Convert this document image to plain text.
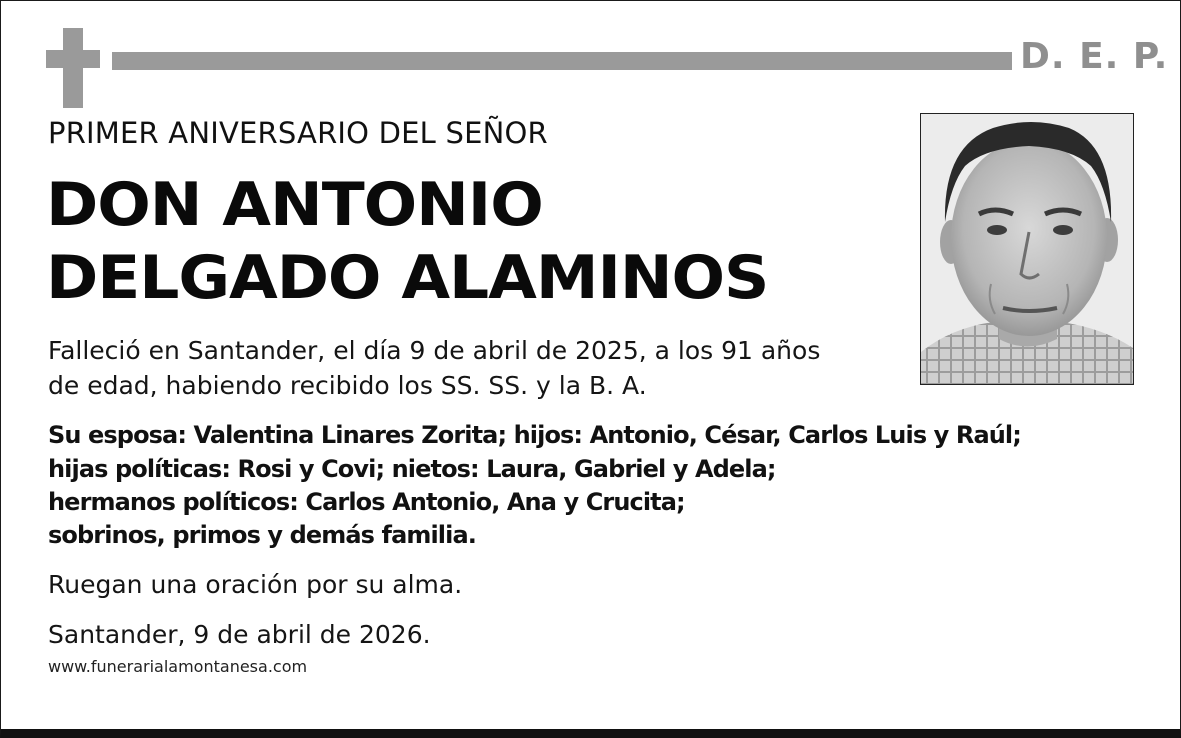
D. E. P.
PRIMER ANIVERSARIO DEL SEÑOR
DON ANTONIO
DELGADO ALAMINOS
Falleció en Santander, el día 9 de abril de 2025, a los 91 años
de edad, habiendo recibido los SS. SS. y la B. A.
Su esposa: Valentina Linares Zorita; hijos: Antonio, César, Carlos Luis y Raúl;
hijas políticas: Rosi y Covi; nietos: Laura, Gabriel y Adela;
hermanos políticos: Carlos Antonio, Ana y Crucita;
sobrinos, primos y demás familia.
Ruegan una oración por su alma.
Santander, 9 de abril de 2026.
www.funerarialamontanesa.com
